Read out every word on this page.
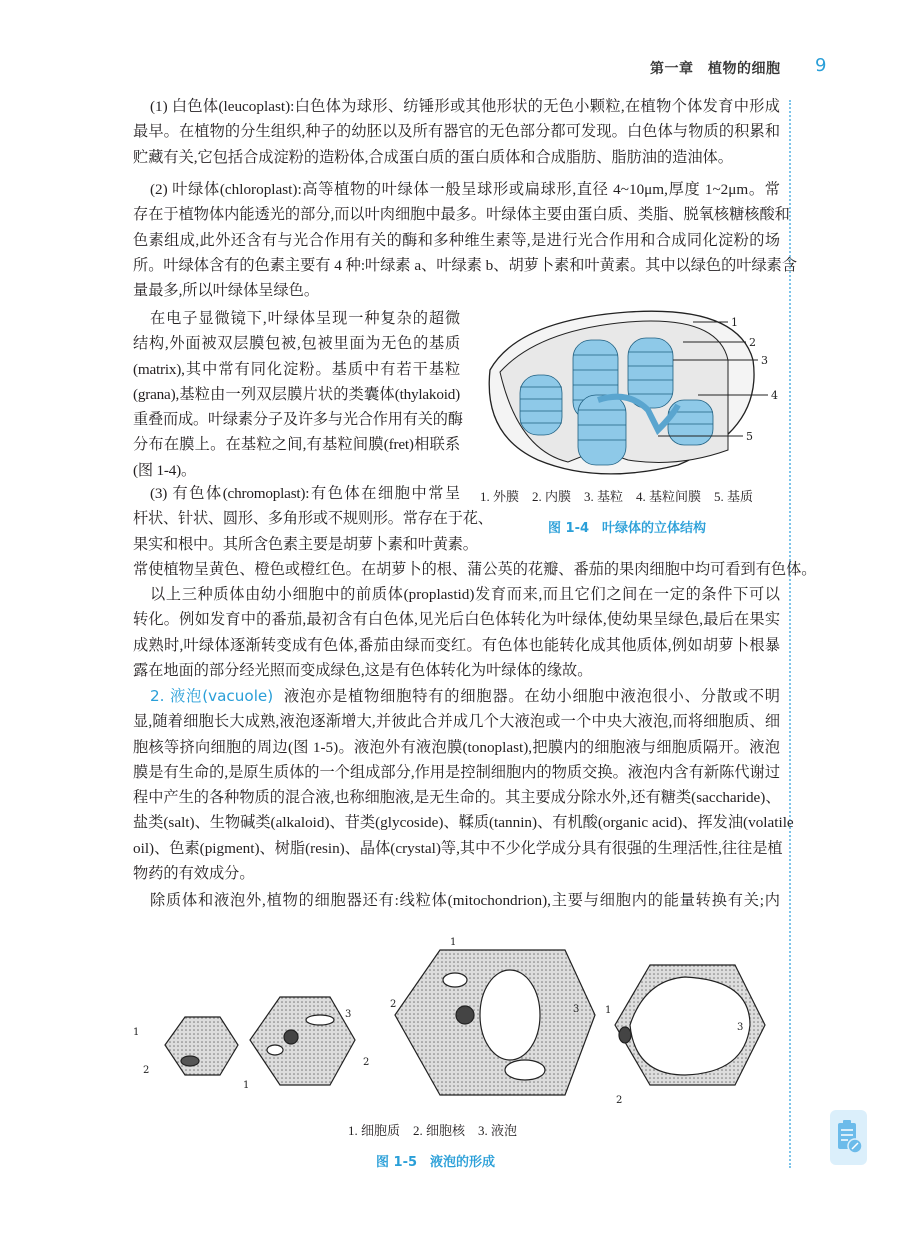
第一章　植物的细胞 9
(1) 白色体(leucoplast):白色体为球形、纺锤形或其他形状的无色小颗粒,在植物个体发育中形成
最早。在植物的分生组织,种子的幼胚以及所有器官的无色部分都可发现。白色体与物质的积累和
贮藏有关,它包括合成淀粉的造粉体,合成蛋白质的蛋白质体和合成脂肪、脂肪油的造油体。
(2) 叶绿体(chloroplast):高等植物的叶绿体一般呈球形或扁球形,直径 4~10μm,厚度 1~2μm。常
存在于植物体内能透光的部分,而以叶肉细胞中最多。叶绿体主要由蛋白质、类脂、脱氧核糖核酸和
色素组成,此外还含有与光合作用有关的酶和多种维生素等,是进行光合作用和合成同化淀粉的场
所。叶绿体含有的色素主要有 4 种:叶绿素 a、叶绿素 b、胡萝卜素和叶黄素。其中以绿色的叶绿素含
量最多,所以叶绿体呈绿色。
在电子显微镜下,叶绿体呈现一种复杂的超微
结构,外面被双层膜包被,包被里面为无色的基质
(matrix),其中常有同化淀粉。基质中有若干基粒
(grana),基粒由一列双层膜片状的类囊体(thylakoid)
重叠而成。叶绿素分子及许多与光合作用有关的酶
分布在膜上。在基粒之间,有基粒间膜(fret)相联系
(图 1-4)。
(3) 有色体(chromoplast):有色体在细胞中常呈
杆状、针状、圆形、多角形或不规则形。常存在于花、
果实和根中。其所含色素主要是胡萝卜素和叶黄素。
常使植物呈黄色、橙色或橙红色。在胡萝卜的根、蒲公英的花瓣、番茄的果肉细胞中均可看到有色体。
以上三种质体由幼小细胞中的前质体(proplastid)发育而来,而且它们之间在一定的条件下可以
转化。例如发育中的番茄,最初含有白色体,见光后白色体转化为叶绿体,使幼果呈绿色,最后在果实
成熟时,叶绿体逐渐转变成有色体,番茄由绿而变红。有色体也能转化成其他质体,例如胡萝卜根暴
露在地面的部分经光照而变成绿色,这是有色体转化为叶绿体的缘故。
2. 液泡(vacuole) 液泡亦是植物细胞特有的细胞器。在幼小细胞中液泡很小、分散或不明
显,随着细胞长大成熟,液泡逐渐增大,并彼此合并成几个大液泡或一个中央大液泡,而将细胞质、细
胞核等挤向细胞的周边(图 1-5)。液泡外有液泡膜(tonoplast),把膜内的细胞液与细胞质隔开。液泡
膜是有生命的,是原生质体的一个组成部分,作用是控制细胞内的物质交换。液泡内含有新陈代谢过
程中产生的各种物质的混合液,也称细胞液,是无生命的。其主要成分除水外,还有糖类(saccharide)、
盐类(salt)、生物碱类(alkaloid)、苷类(glycoside)、鞣质(tannin)、有机酸(organic acid)、挥发油(volatile
oil)、色素(pigment)、树脂(resin)、晶体(crystal)等,其中不少化学成分具有很强的生理活性,往往是植
物药的有效成分。
除质体和液泡外,植物的细胞器还有:线粒体(mitochondrion),主要与细胞内的能量转换有关;内
1
2
3
4
5
1. 外膜　2. 内膜　3. 基粒　4. 基粒间膜　5. 基质
图 1-4　叶绿体的立体结构
1
2
3
2
1
1
2	3	1
2
3
1. 细胞质　2. 细胞核　3. 液泡
图 1-5　液泡的形成
